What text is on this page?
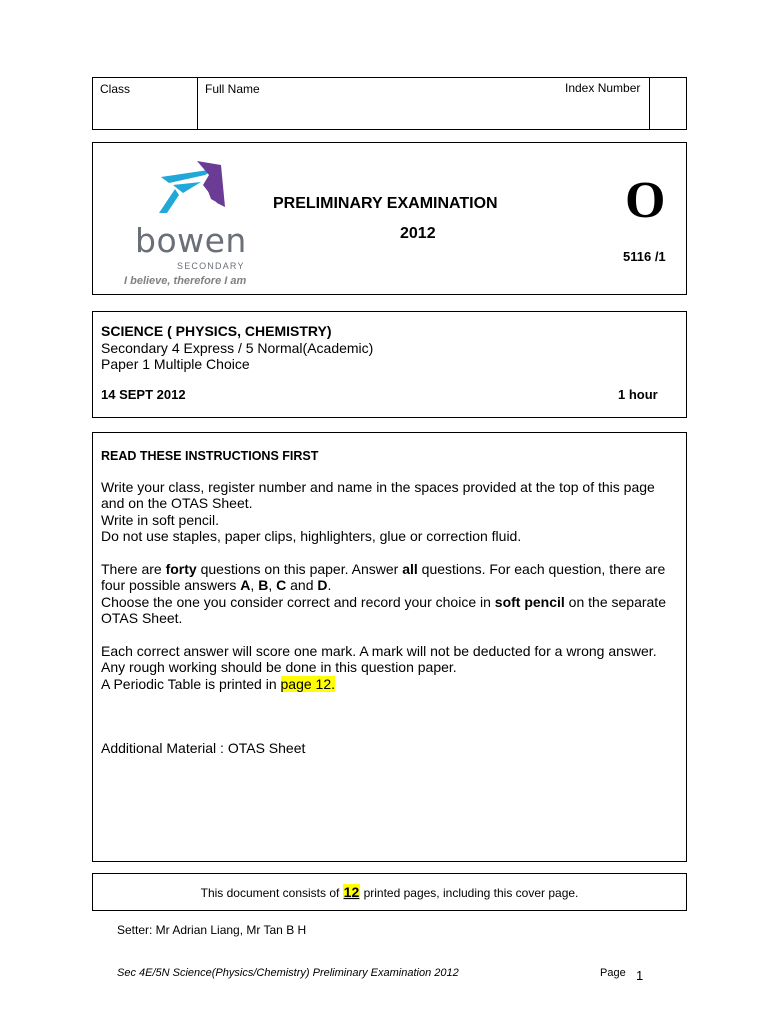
Class	Full Name	Index Number
bowen
SECONDARY
I believe, therefore I am
PRELIMINARY EXAMINATION
2012
O
5116 /1
SCIENCE ( PHYSICS, CHEMISTRY)
Secondary 4 Express / 5 Normal(Academic)
Paper 1 Multiple Choice
14 SEPT 2012	1 hour
READ THESE INSTRUCTIONS FIRST
Write your class, register number and name in the spaces provided at the top of this page and on the OTAS Sheet.
Write in soft pencil.
Do not use staples, paper clips, highlighters, glue or correction fluid.
There are forty questions on this paper. Answer all questions. For each question, there are four possible answers A, B, C and D.
Choose the one you consider correct and record your choice in soft pencil on the separate OTAS Sheet.
Each correct answer will score one mark. A mark will not be deducted for a wrong answer.
Any rough working should be done in this question paper.
A Periodic Table is printed in page 12.
Additional Material : OTAS Sheet
This document consists of 12 printed pages, including this cover page.
Setter: Mr Adrian Liang, Mr Tan B H
Sec 4E/5N Science(Physics/Chemistry) Preliminary Examination 2012	Page 1
